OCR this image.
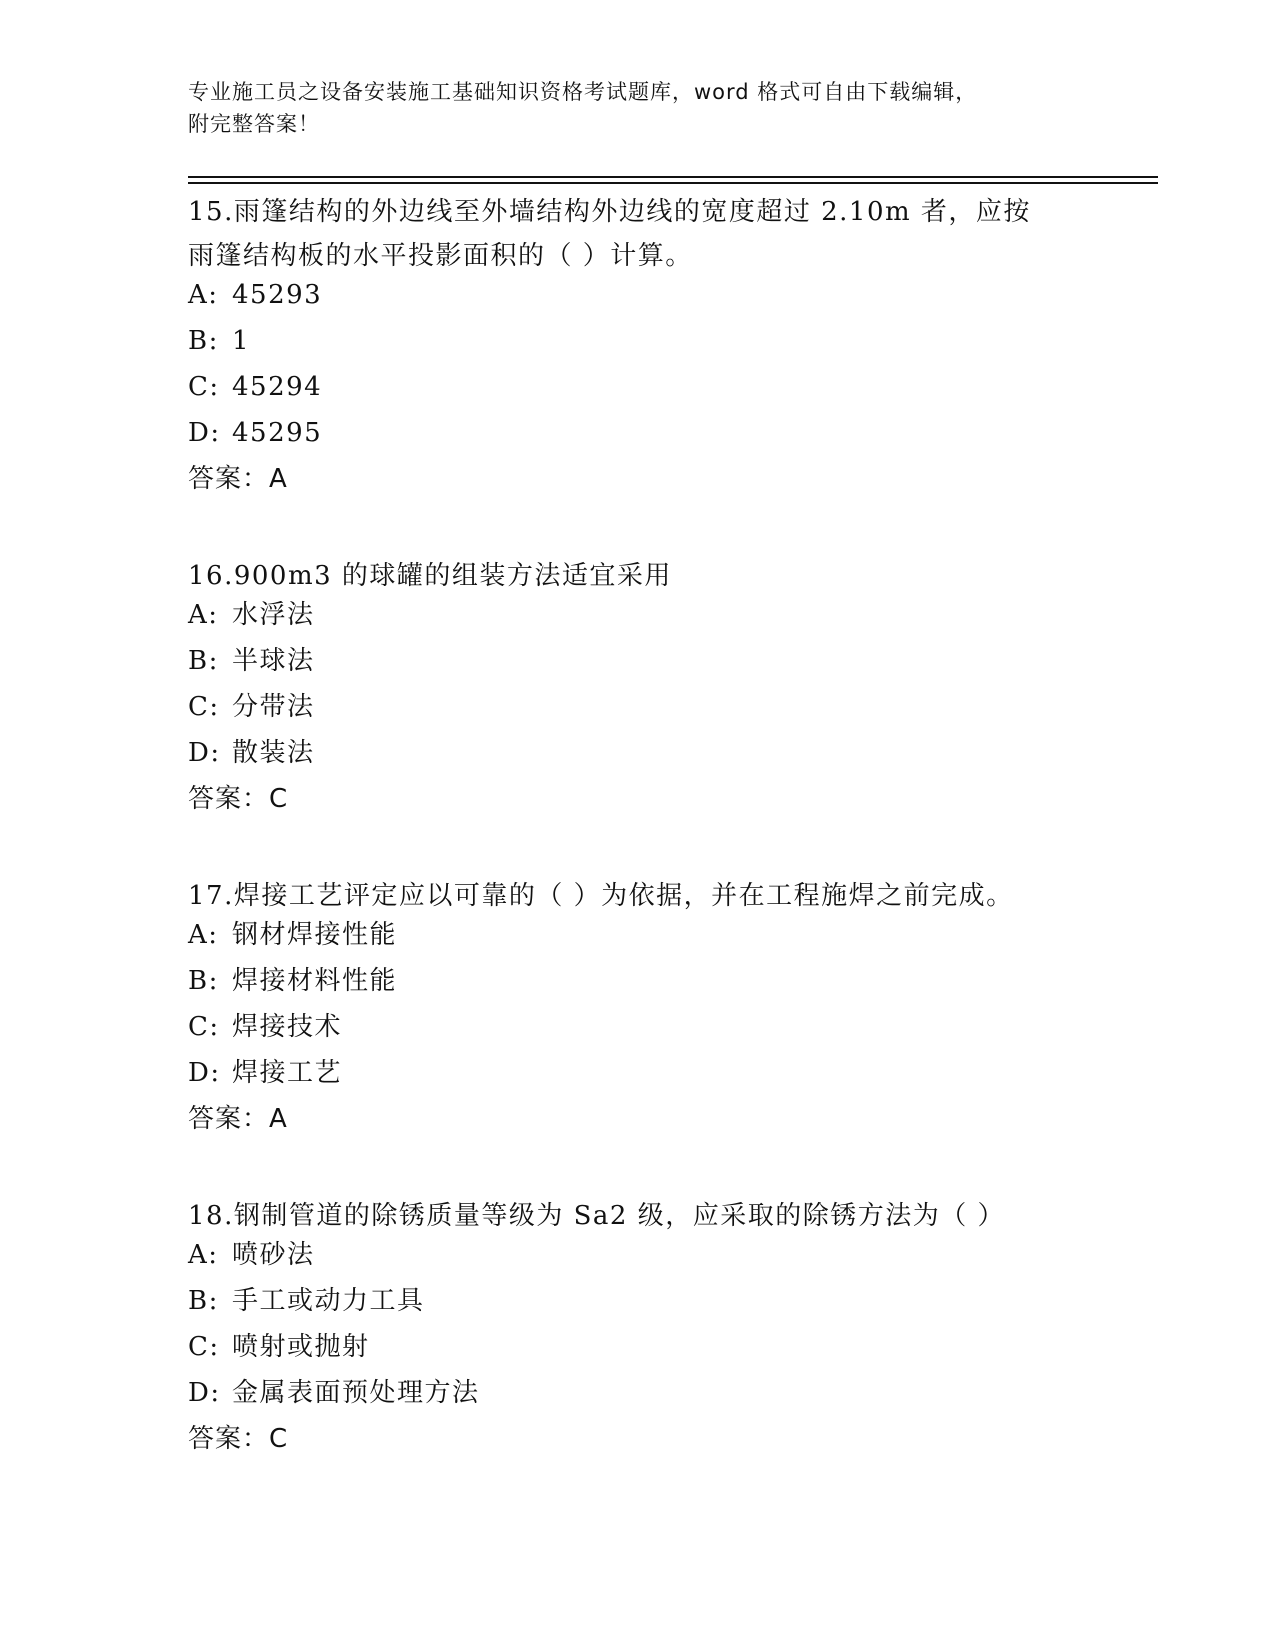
专业施工员之设备安装施工基础知识资格考试题库，word 格式可自由下载编辑，
附完整答案！
15.雨篷结构的外边线至外墙结构外边线的宽度超过 2.10m 者，应按雨篷结构板的水平投影面积的（ ）计算。
A: 45293
B: 1
C: 45294
D: 45295
答案：A
16.900m3 的球罐的组装方法适宜采用
A: 水浮法
B: 半球法
C: 分带法
D: 散装法
答案：C
17.焊接工艺评定应以可靠的（ ）为依据，并在工程施焊之前完成。
A: 钢材焊接性能
B: 焊接材料性能
C: 焊接技术
D: 焊接工艺
答案：A
18.钢制管道的除锈质量等级为 Sa2 级，应采取的除锈方法为（ ）
A: 喷砂法
B: 手工或动力工具
C: 喷射或抛射
D: 金属表面预处理方法
答案：C
